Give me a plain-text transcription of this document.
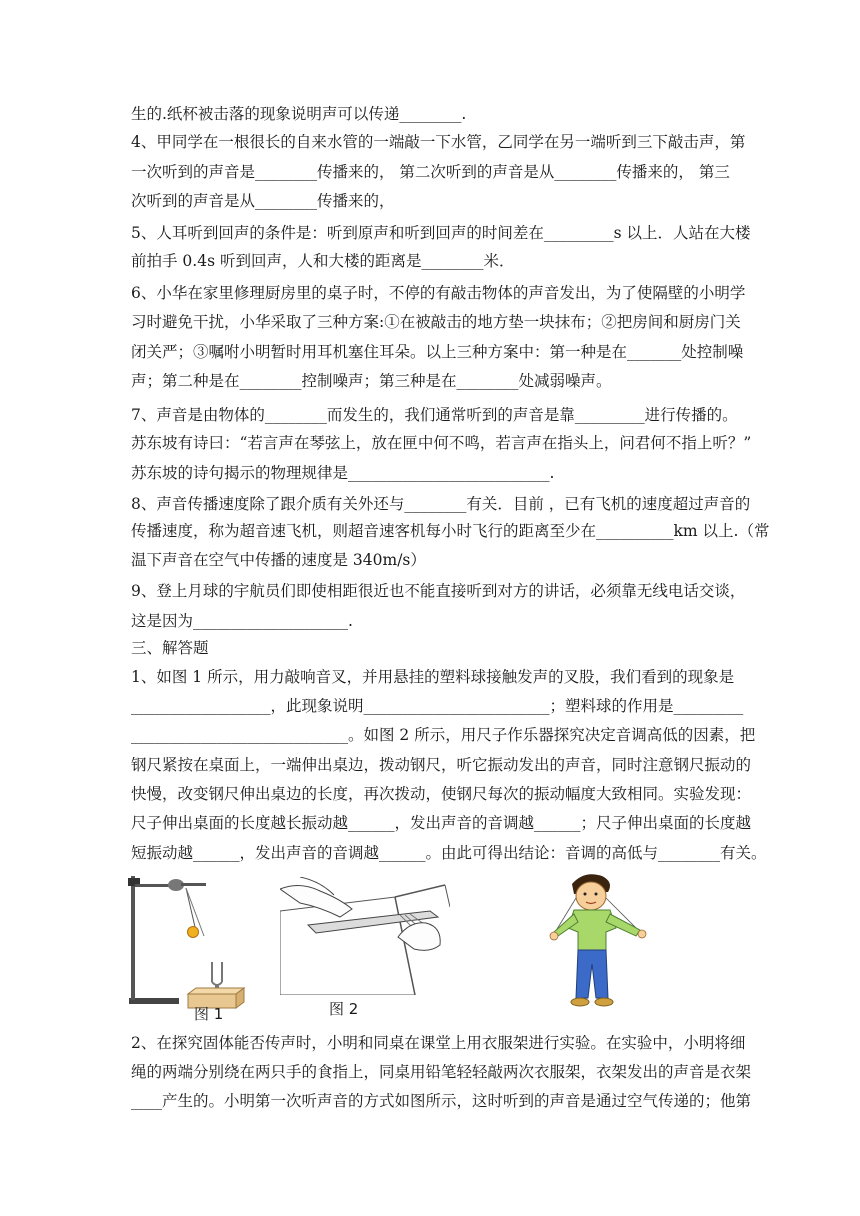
生的.纸杯被击落的现象说明声可以传递________.
4、甲同学在一根很长的自来水管的一端敲一下水管，乙同学在另一端听到三下敲击声，第
一次听到的声音是________传播来的， 第二次听到的声音是从________传播来的， 第三
次听到的声音是从________传播来的，
5、人耳听到回声的条件是：听到原声和听到回声的时间差在_________s 以上．人站在大楼
前拍手 0.4s 听到回声，人和大楼的距离是________米．
6、小华在家里修理厨房里的桌子时，不停的有敲击物体的声音发出，为了使隔壁的小明学
习时避免干扰，小华采取了三种方案:①在被敲击的地方垫一块抹布；②把房间和厨房门关
闭关严；③嘱咐小明暂时用耳机塞住耳朵。以上三种方案中：第一种是在_______处控制噪
声；第二种是在________控制噪声；第三种是在________处减弱噪声。
7、声音是由物体的________而发生的，我们通常听到的声音是靠_________进行传播的。
苏东坡有诗曰：“若言声在琴弦上，放在匣中何不鸣，若言声在指头上，问君何不指上听？”
苏东坡的诗句揭示的物理规律是__________________________.
8、声音传播速度除了跟介质有关外还与________有关．目前 ，已有飞机的速度超过声音的
传播速度，称为超音速飞机，则超音速客机每小时飞行的距离至少在__________km 以上.（常
温下声音在空气中传播的速度是 340m/s）
9、登上月球的宇航员们即使相距很近也不能直接听到对方的讲话，必须靠无线电话交谈，
这是因为____________________.
三、解答题
1、如图 1 所示，用力敲响音叉，并用悬挂的塑料球接触发声的叉股，我们看到的现象是
__________________，此现象说明________________________；塑料球的作用是_________
____________________________。如图 2 所示，用尺子作乐器探究决定音调高低的因素，把
钢尺紧按在桌面上，一端伸出桌边，拨动钢尺，听它振动发出的声音，同时注意钢尺振动的
快慢，改变钢尺伸出桌边的长度，再次拨动，使钢尺每次的振动幅度大致相同。实验发现：
尺子伸出桌面的长度越长振动越______，发出声音的音调越______；尺子伸出桌面的长度越
短振动越______，发出声音的音调越______。由此可得出结论：音调的高低与________有关。
图 1	图 2
2、在探究固体能否传声时，小明和同桌在课堂上用衣服架进行实验。在实验中，小明将细
绳的两端分别绕在两只手的食指上，同桌用铅笔轻轻敲两次衣服架，衣架发出的声音是衣架
____产生的。小明第一次听声音的方式如图所示，这时听到的声音是通过空气传递的；他第
